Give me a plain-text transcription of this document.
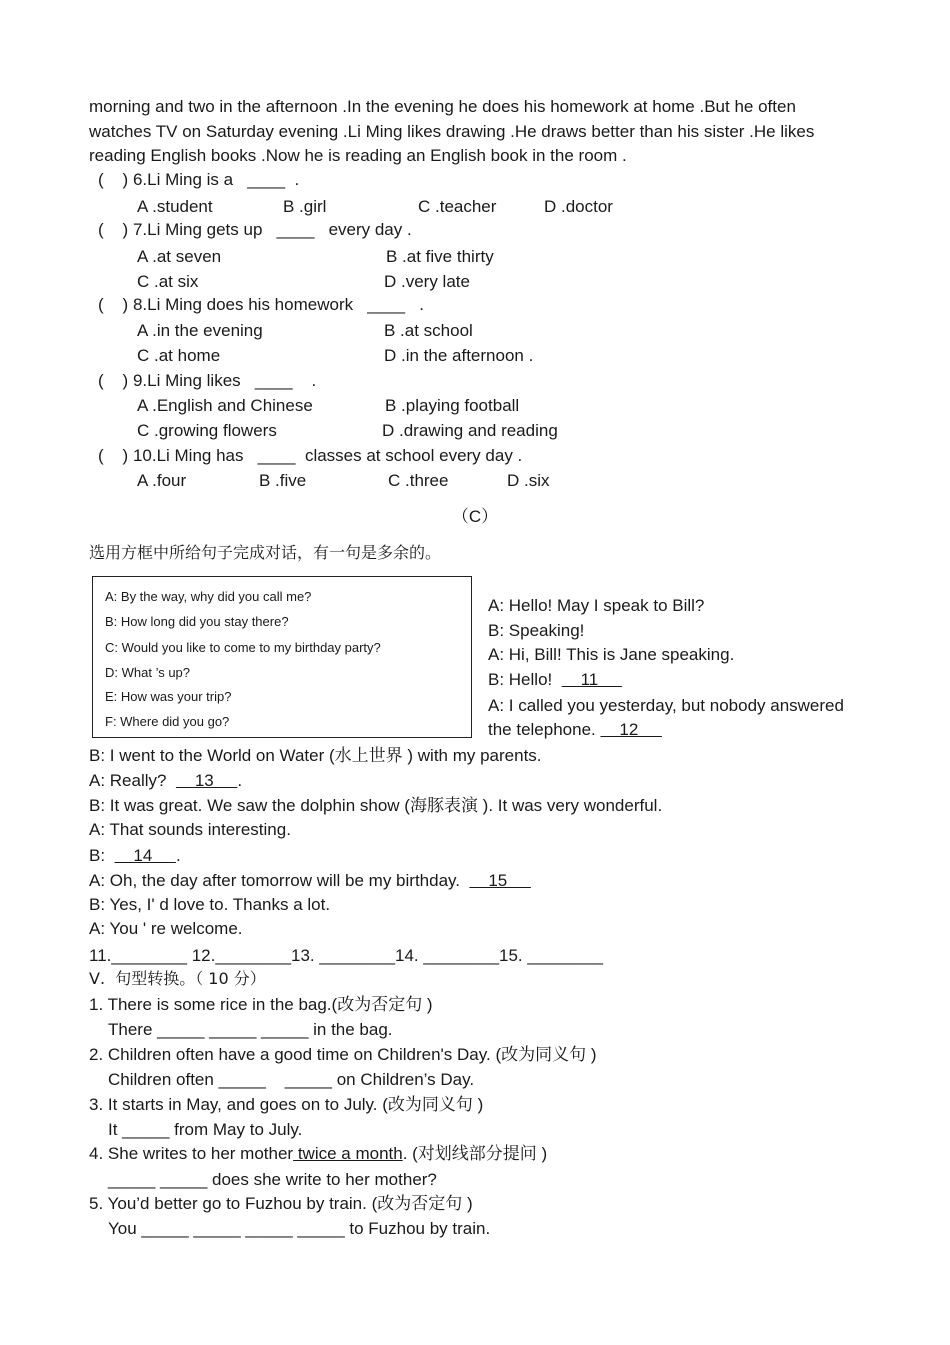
morning and two in the afternoon .In the evening he does his homework at home .But he often
watches TV on Saturday evening .Li Ming likes drawing .He draws better than his sister .He likes
reading English books .Now he is reading an English book in the room .
(    ) 6.Li Ming is a   ____  .
A .student	B .girl	C .teacher	D .doctor
(    ) 7.Li Ming gets up   ____   every day .
A .at seven	B .at five thirty
C .at six	D .very late
(    ) 8.Li Ming does his homework   ____   .
A .in the evening	B .at school
C .at home	D .in the afternoon .
(    ) 9.Li Ming likes   ____    .
A .English and Chinese	B .playing football
C .growing flowers	D .drawing and reading
(    ) 10.Li Ming has   ____  classes at school every day .
A .four	B .five	C .three	D .six
（C）
选用方框中所给句子完成对话，有一句是多余的。
A: By the way, why did you call me?
B: How long did you stay there?
C: Would you like to come to my birthday party?
D: What ’s up?
E: How was your trip?
F: Where did you go?
A: Hello! May I speak to Bill?
B: Speaking!
A: Hi, Bill! This is Jane speaking.
B: Hello!      11
A: I called you yesterday, but nobody answered
the telephone.     12
B: I went to the World on Water (水上世界 ) with my parents.
A: Really?      13     .
B: It was great. We saw the dolphin show (海豚表演 ). It was very wonderful.
A: That sounds interesting.
B:      14     .
A: Oh, the day after tomorrow will be my birthday.      15
B: Yes, I' d love to. Thanks a lot.
A: You ' re welcome.
11.________ 12.________13. ________14. ________15. ________
Ⅴ.  句型转换。（ 10 分）
1. There is some rice in the bag.(改为否定句 )
There _____ _____ _____ in the bag.
2. Children often have a good time on Children's Day. (改为同义句 )
Children often _____    _____ on Children’s Day.
3. It starts in May, and goes on to July. (改为同义句 )
It _____ from May to July.
4. She writes to her mother twice a month. (对划线部分提问 )
_____ _____ does she write to her mother?
5. You’d better go to Fuzhou by train. (改为否定句 )
You _____ _____ _____ _____ to Fuzhou by train.
